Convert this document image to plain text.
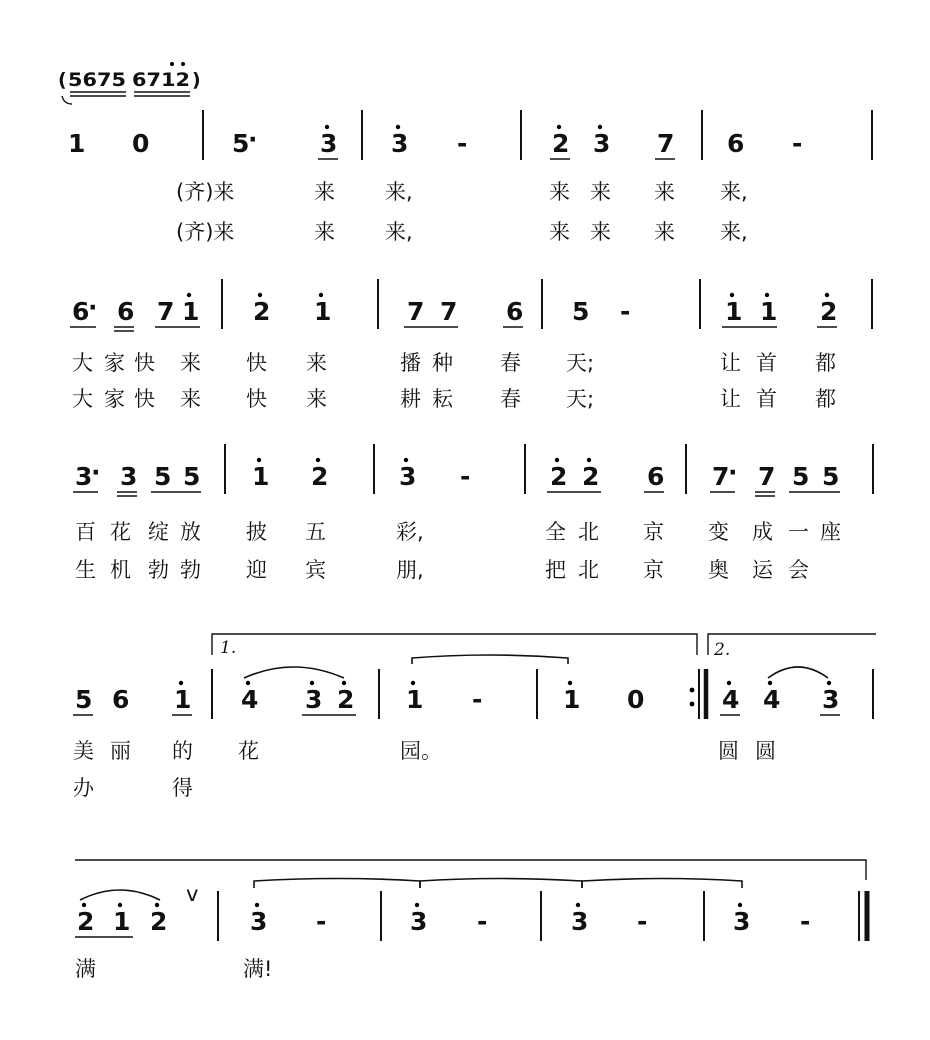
( 5675 6712 )
1 0	5
·	3 3 -	2 3 7 6 -
(齐)来	来 来,	来 来 来 来,
(齐)来	来 来,	来 来 来 来,
6
· 6 7 1 2 1	7 7 6 5 -	1 1 2
大 家 快 来 快 来	播 种 春 天;	让 首 都
大 家 快 来 快 来	耕 耘 春 天;	让 首 都
3
· 3 5 5 1 2	3 -	2 2 6 7
· 7 5 5
百 花 绽 放 披 五	彩,	全 北 京 变 成 一 座
生 机 勃 勃 迎 宾	朋,	把 北 京 奥 运 会
1.	2.
5 6 1 4 3 2 1 -	1 0	4 4 3
美 丽 的 花	园。	圆 圆
办	得
2 1 2
v
3 -	3 -	3 -	3 -
满	满!
